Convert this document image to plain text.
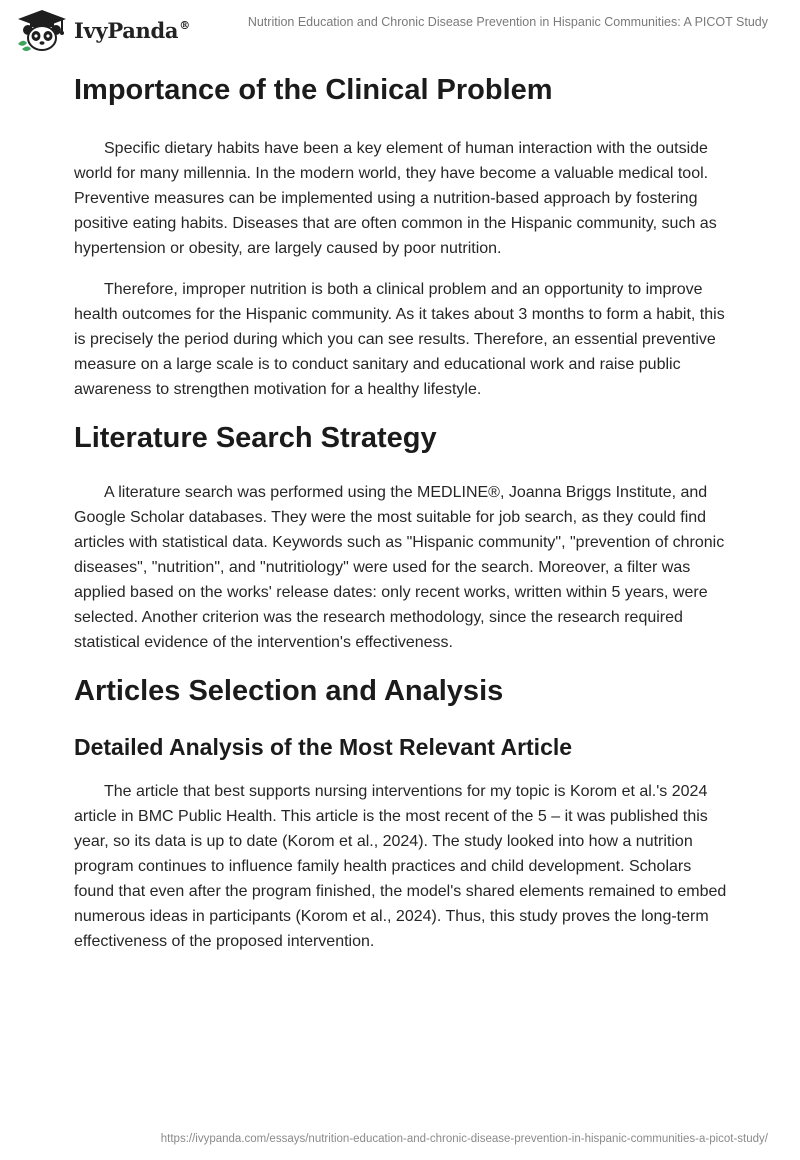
IvyPanda®	Nutrition Education and Chronic Disease Prevention in Hispanic Communities: A PICOT Study
Importance of the Clinical Problem

Specific dietary habits have been a key element of human interaction with the outside world for many millennia. In the modern world, they have become a valuable medical tool. Preventive measures can be implemented using a nutrition-based approach by fostering positive eating habits. Diseases that are often common in the Hispanic community, such as hypertension or obesity, are largely caused by poor nutrition.

Therefore, improper nutrition is both a clinical problem and an opportunity to improve health outcomes for the Hispanic community. As it takes about 3 months to form a habit, this is precisely the period during which you can see results. Therefore, an essential preventive measure on a large scale is to conduct sanitary and educational work and raise public awareness to strengthen motivation for a healthy lifestyle.

Literature Search Strategy

A literature search was performed using the MEDLINE®, Joanna Briggs Institute, and Google Scholar databases. They were the most suitable for job search, as they could find articles with statistical data. Keywords such as "Hispanic community", "prevention of chronic diseases", "nutrition", and "nutritiology" were used for the search. Moreover, a filter was applied based on the works' release dates: only recent works, written within 5 years, were selected. Another criterion was the research methodology, since the research required statistical evidence of the intervention's effectiveness.

Articles Selection and Analysis
Detailed Analysis of the Most Relevant Article

The article that best supports nursing interventions for my topic is Korom et al.'s 2024 article in BMC Public Health. This article is the most recent of the 5 – it was published this year, so its data is up to date (Korom et al., 2024). The study looked into how a nutrition program continues to influence family health practices and child development. Scholars found that even after the program finished, the model's shared elements remained to embed numerous ideas in participants (Korom et al., 2024). Thus, this study proves the long-term effectiveness of the proposed intervention.

https://ivypanda.com/essays/nutrition-education-and-chronic-disease-prevention-in-hispanic-communities-a-picot-study/
